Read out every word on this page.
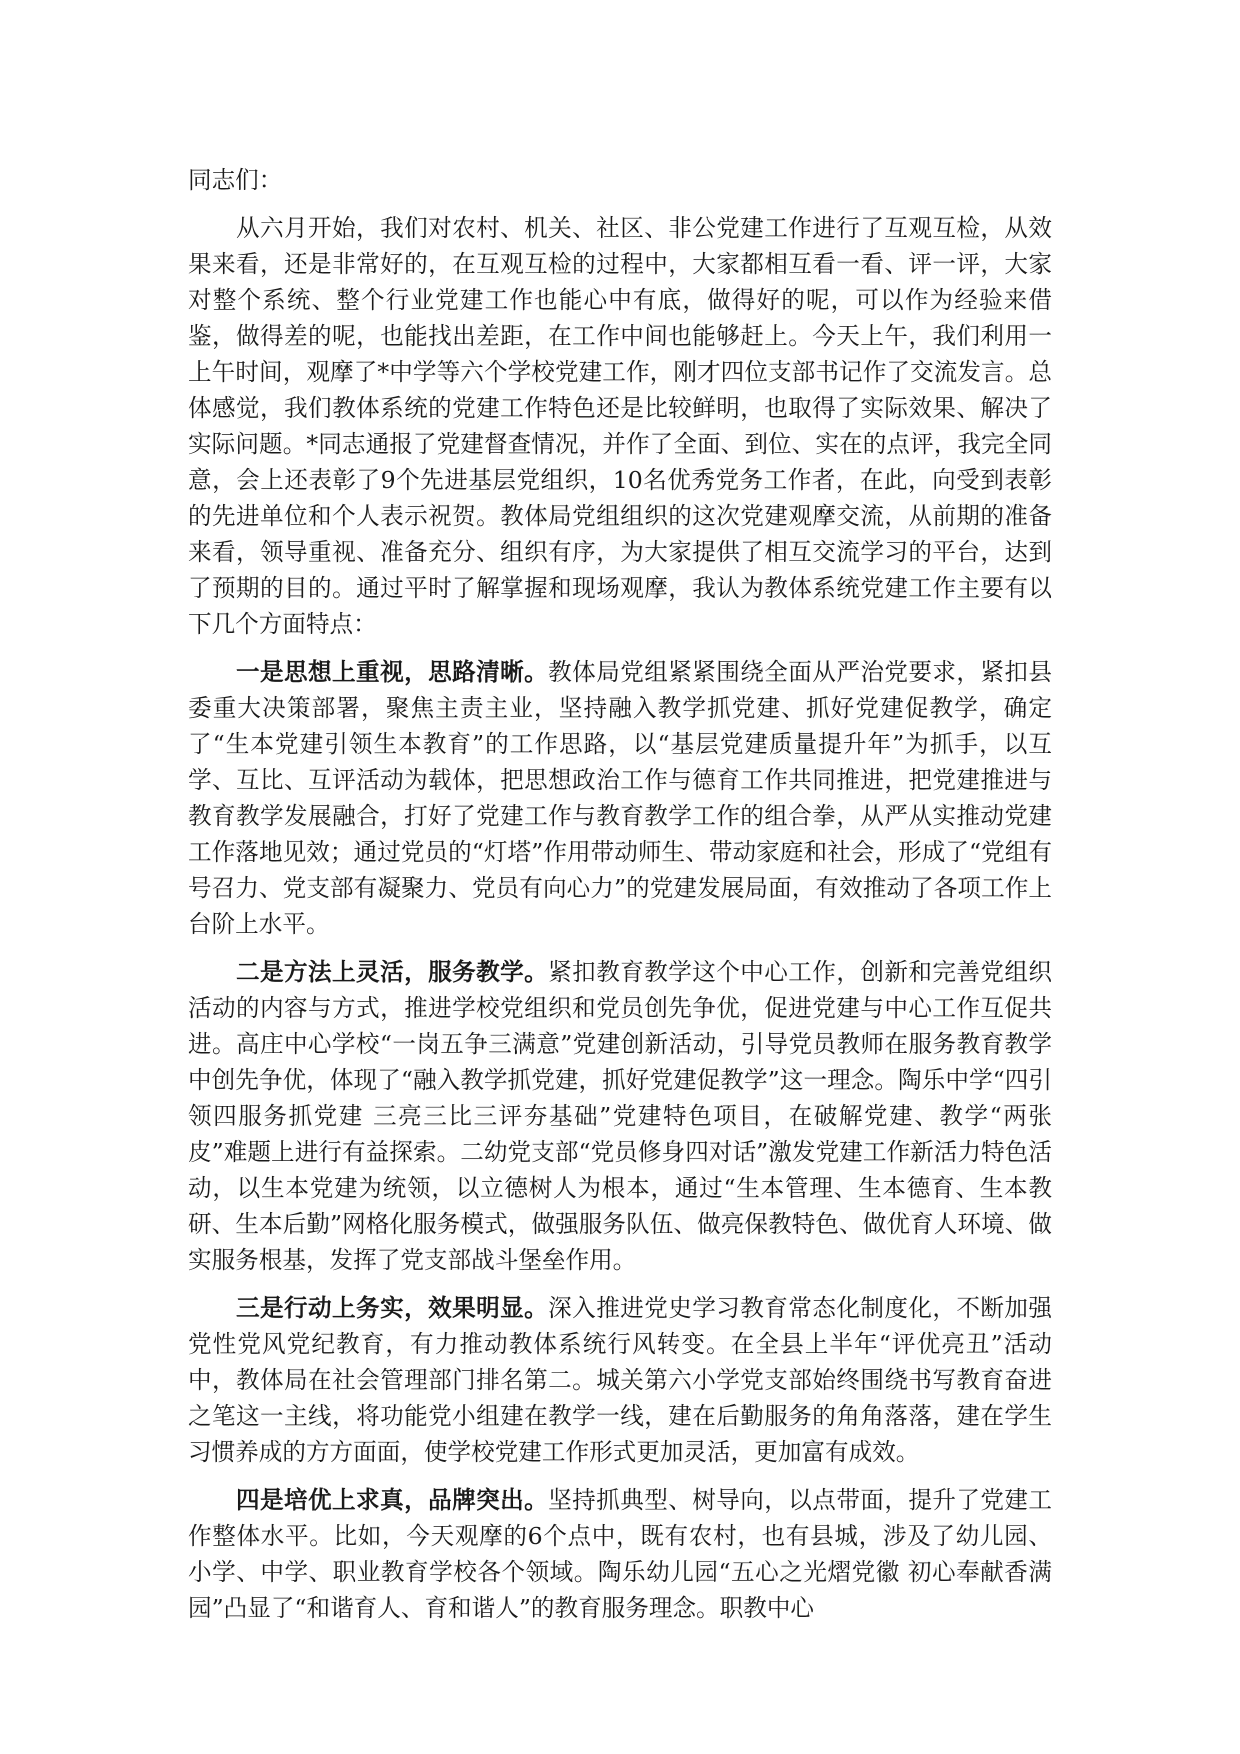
同志们：

从六月开始，我们对农村、机关、社区、非公党建工作进行了互观互检，从效果来看，还是非常好的，在互观互检的过程中，大家都相互看一看、评一评，大家对整个系统、整个行业党建工作也能心中有底，做得好的呢，可以作为经验来借鉴，做得差的呢，也能找出差距，在工作中间也能够赶上。今天上午，我们利用一上午时间，观摩了*中学等六个学校党建工作，刚才四位支部书记作了交流发言。总体感觉，我们教体系统的党建工作特色还是比较鲜明，也取得了实际效果、解决了实际问题。*同志通报了党建督查情况，并作了全面、到位、实在的点评，我完全同意，会上还表彰了9个先进基层党组织，10名优秀党务工作者，在此，向受到表彰的先进单位和个人表示祝贺。教体局党组组织的这次党建观摩交流，从前期的准备来看，领导重视、准备充分、组织有序，为大家提供了相互交流学习的平台，达到了预期的目的。通过平时了解掌握和现场观摩，我认为教体系统党建工作主要有以下几个方面特点：

一是思想上重视，思路清晰。教体局党组紧紧围绕全面从严治党要求，紧扣县委重大决策部署，聚焦主责主业，坚持融入教学抓党建、抓好党建促教学，确定了“生本党建引领生本教育”的工作思路，以“基层党建质量提升年”为抓手，以互学、互比、互评活动为载体，把思想政治工作与德育工作共同推进，把党建推进与教育教学发展融合，打好了党建工作与教育教学工作的组合拳，从严从实推动党建工作落地见效；通过党员的“灯塔”作用带动师生、带动家庭和社会，形成了“党组有号召力、党支部有凝聚力、党员有向心力”的党建发展局面，有效推动了各项工作上台阶上水平。

二是方法上灵活，服务教学。紧扣教育教学这个中心工作，创新和完善党组织活动的内容与方式，推进学校党组织和党员创先争优，促进党建与中心工作互促共进。高庄中心学校“一岗五争三满意”党建创新活动，引导党员教师在服务教育教学中创先争优，体现了“融入教学抓党建，抓好党建促教学”这一理念。陶乐中学“四引领四服务抓党建 三亮三比三评夯基础”党建特色项目，在破解党建、教学“两张皮”难题上进行有益探索。二幼党支部“党员修身四对话”激发党建工作新活力特色活动，以生本党建为统领，以立德树人为根本，通过“生本管理、生本德育、生本教研、生本后勤”网格化服务模式，做强服务队伍、做亮保教特色、做优育人环境、做实服务根基，发挥了党支部战斗堡垒作用。

三是行动上务实，效果明显。深入推进党史学习教育常态化制度化，不断加强党性党风党纪教育，有力推动教体系统行风转变。在全县上半年“评优亮丑”活动中，教体局在社会管理部门排名第二。城关第六小学党支部始终围绕书写教育奋进之笔这一主线，将功能党小组建在教学一线，建在后勤服务的角角落落，建在学生习惯养成的方方面面，使学校党建工作形式更加灵活，更加富有成效。

四是培优上求真，品牌突出。坚持抓典型、树导向，以点带面，提升了党建工作整体水平。比如，今天观摩的6个点中，既有农村，也有县城，涉及了幼儿园、小学、中学、职业教育学校各个领域。陶乐幼儿园“五心之光熠党徽 初心奉献香满园”凸显了“和谐育人、育和谐人”的教育服务理念。职教中心
